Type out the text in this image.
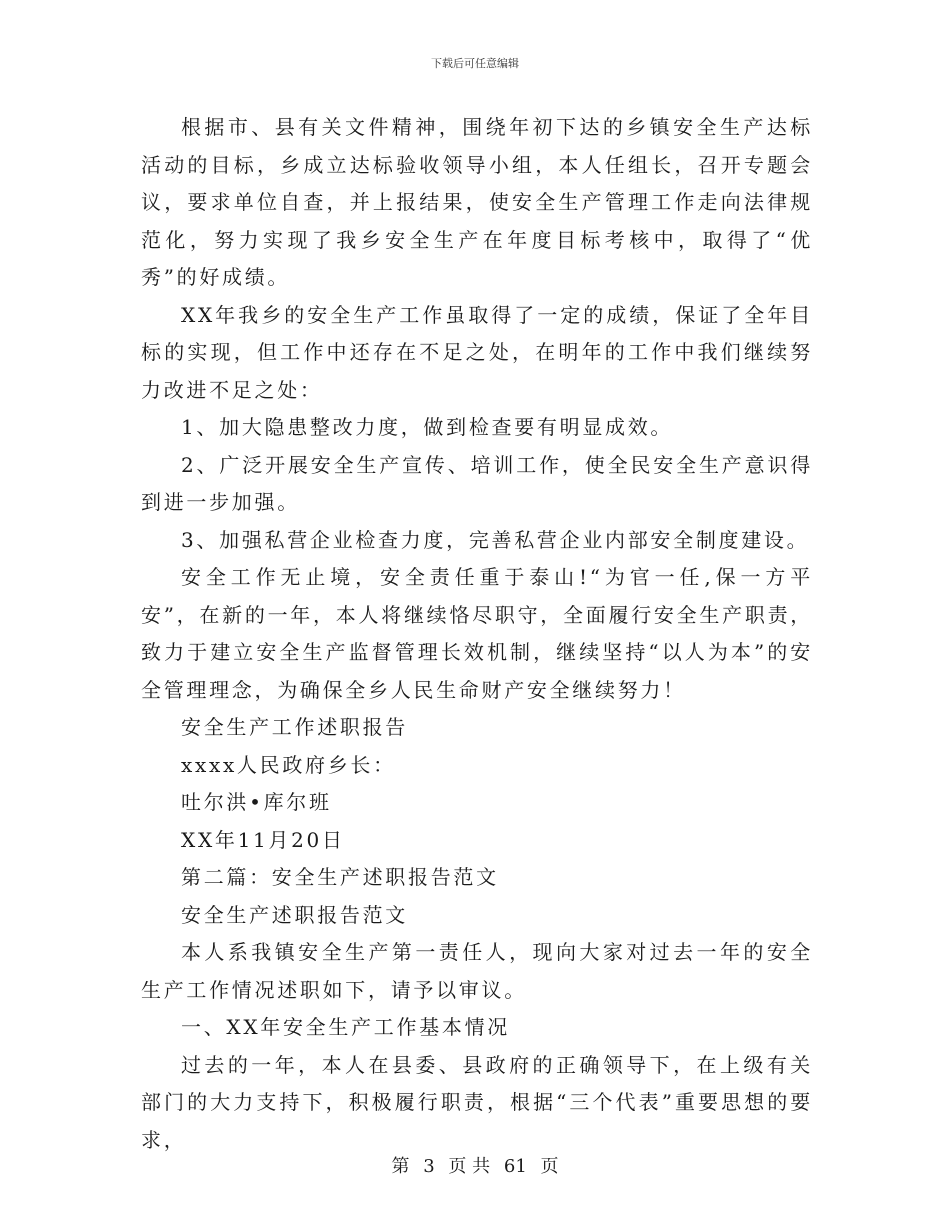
下载后可任意编辑

根据市、县有关文件精神，围绕年初下达的乡镇安全生产达标活动的目标，乡成立达标验收领导小组，本人任组长，召开专题会议，要求单位自查，并上报结果，使安全生产管理工作走向法律规范化，努力实现了我乡安全生产在年度目标考核中，取得了“优秀”的好成绩。

XX年我乡的安全生产工作虽取得了一定的成绩，保证了全年目标的实现，但工作中还存在不足之处，在明年的工作中我们继续努力改进不足之处：

1、加大隐患整改力度，做到检查要有明显成效。

2、广泛开展安全生产宣传、培训工作，使全民安全生产意识得到进一步加强。

3、加强私营企业检查力度，完善私营企业内部安全制度建设。

安全工作无止境，安全责任重于泰山!“为官一任,保一方平安”，在新的一年，本人将继续恪尽职守，全面履行安全生产职责，致力于建立安全生产监督管理长效机制，继续坚持“以人为本”的安全管理理念，为确保全乡人民生命财产安全继续努力！

安全生产工作述职报告

xxxx人民政府乡长：

吐尔洪•库尔班

XX年11月20日

第二篇：安全生产述职报告范文

安全生产述职报告范文

本人系我镇安全生产第一责任人，现向大家对过去一年的安全生产工作情况述职如下，请予以审议。

一、XX年安全生产工作基本情况

过去的一年，本人在县委、县政府的正确领导下，在上级有关部门的大力支持下，积极履行职责，根据“三个代表”重要思想的要求，

第 3 页 共 61 页
